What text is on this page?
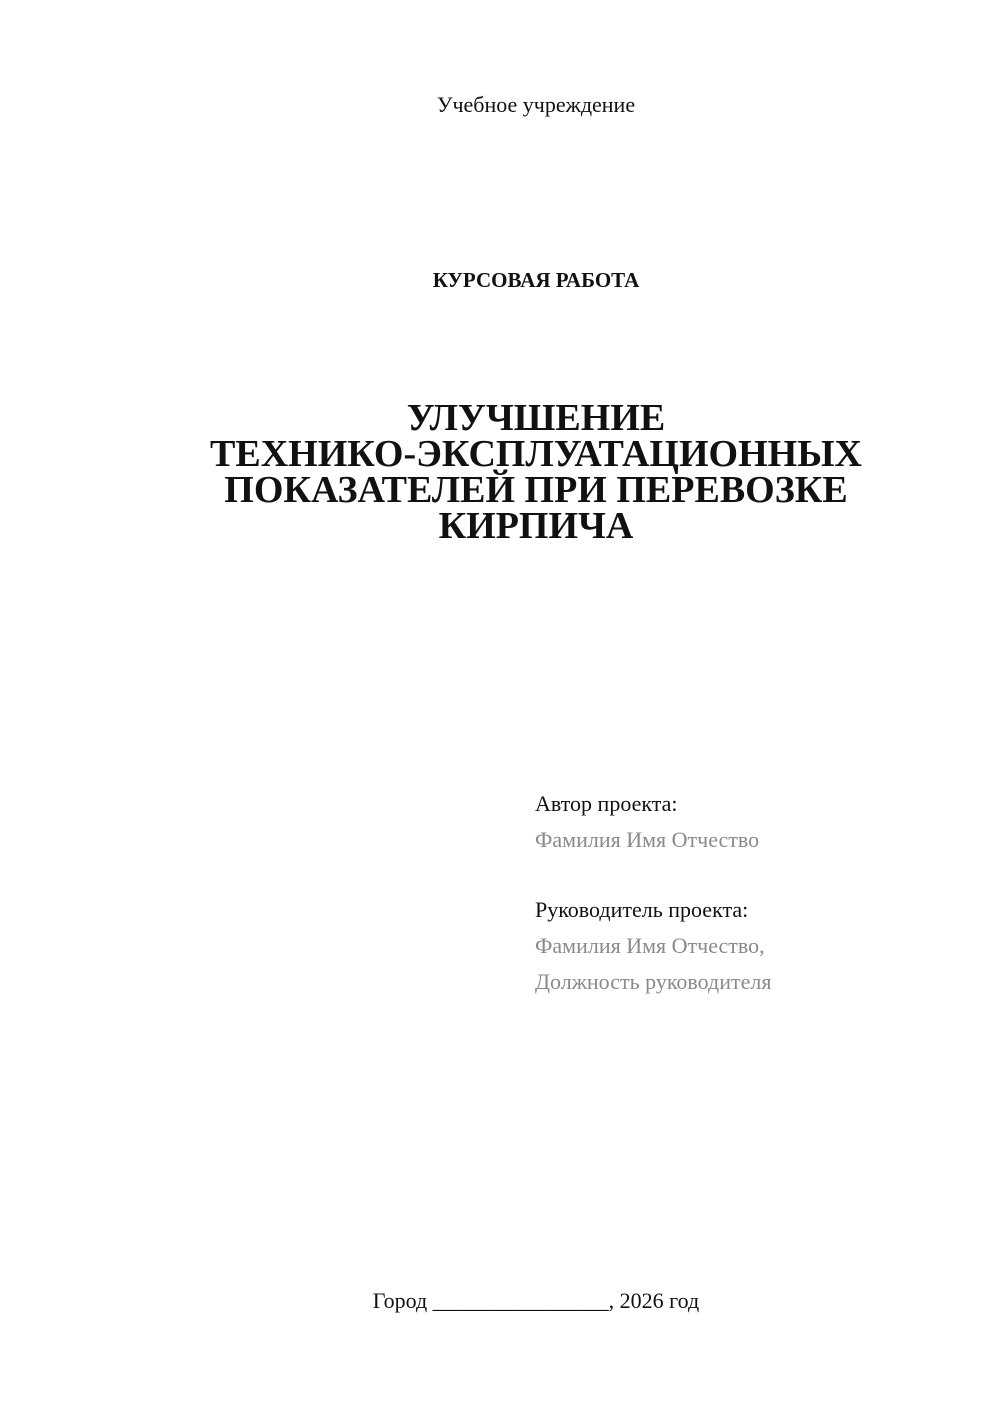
Учебное учреждение
КУРСОВАЯ РАБОТА
УЛУЧШЕНИЕ
ТЕХНИКО-ЭКСПЛУАТАЦИОННЫХ
ПОКАЗАТЕЛЕЙ ПРИ ПЕРЕВОЗКЕ
КИРПИЧА
Автор проекта:
Фамилия Имя Отчество
Руководитель проекта:
Фамилия Имя Отчество,
Должность руководителя
Город ________________, 2026 год
